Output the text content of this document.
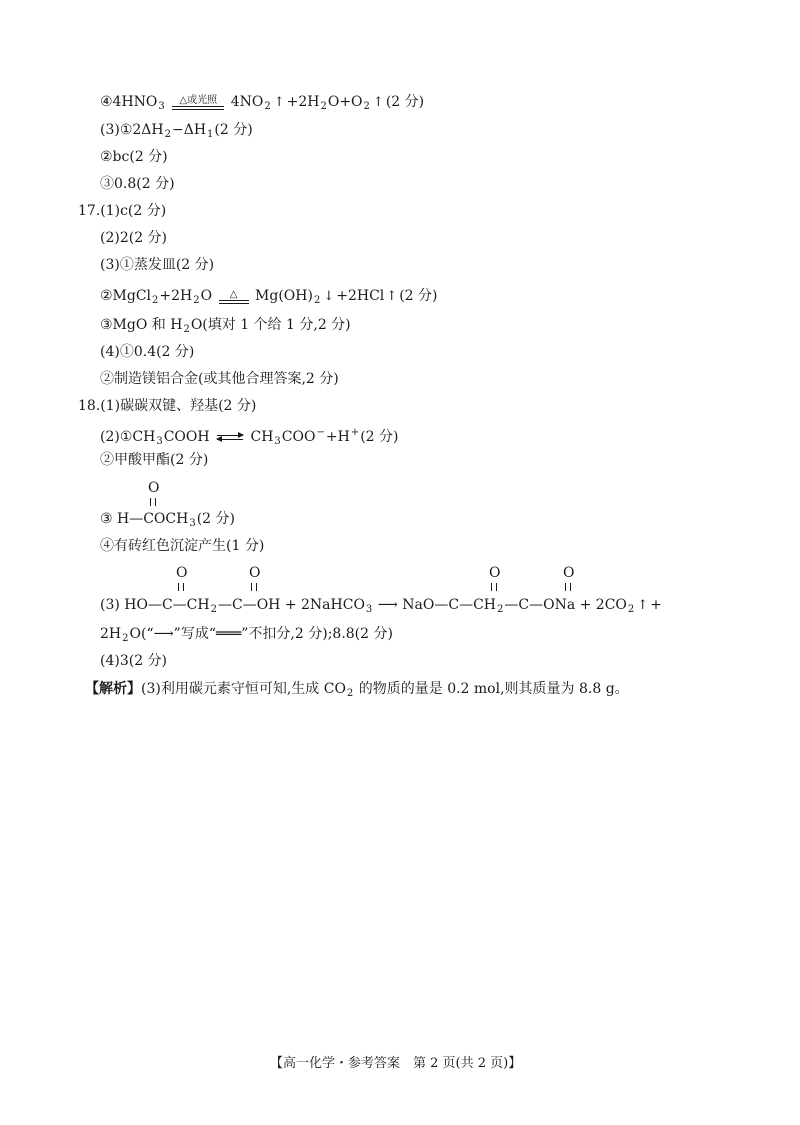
$④4HNO_3$
△或光照 $4NO_2$ ↑ $+2H_2O+O_2$ ↑ (2 分)
$(3)①2\Delta H_2-\Delta H_1(2$ 分)
②bc(2 分)
③0.8(2 分)
17.(1)c(2 分)
(2)2(2 分)
(3)①蒸发皿(2 分)
$②MgCl_2+2H_2O$ △ $Mg(OH)_2$ ↓ +2HCl ↑ (2 分)
③MgO 和 $H_2O$(填对 1 个给 1 分,2 分)
(4)①0.4(2 分)
②制造镁铝合金(或其他合理答案,2 分)
18.(1)碳碳双键、羟基(2 分)
$(2)①CH_3COOH$ ⇌ $CH_3COO^-+H^+(2$ 分)
②甲酸甲酯(2 分)
O
③ $H—COCH_3(2$ 分)
④有砖红色沉淀产生(1 分)
O	O	O	O
(3) $HO—C—CH_2—C—OH$ + 2NaHCO$_3$ ⟶ $NaO—C—CH_2—C—ONa + 2CO_2$ ↑ +
$2H_2O(“⟶$”写成“═══”不扣分,2 分);8.8(2 分)
(4)3(2 分)
【解析】(3)利用碳元素守恒可知,生成 $CO_2$ 的物质的量是 0.2 mol,则其质量为 8.8 g。
【高一化学・参考答案　第 2 页(共 2 页)】
